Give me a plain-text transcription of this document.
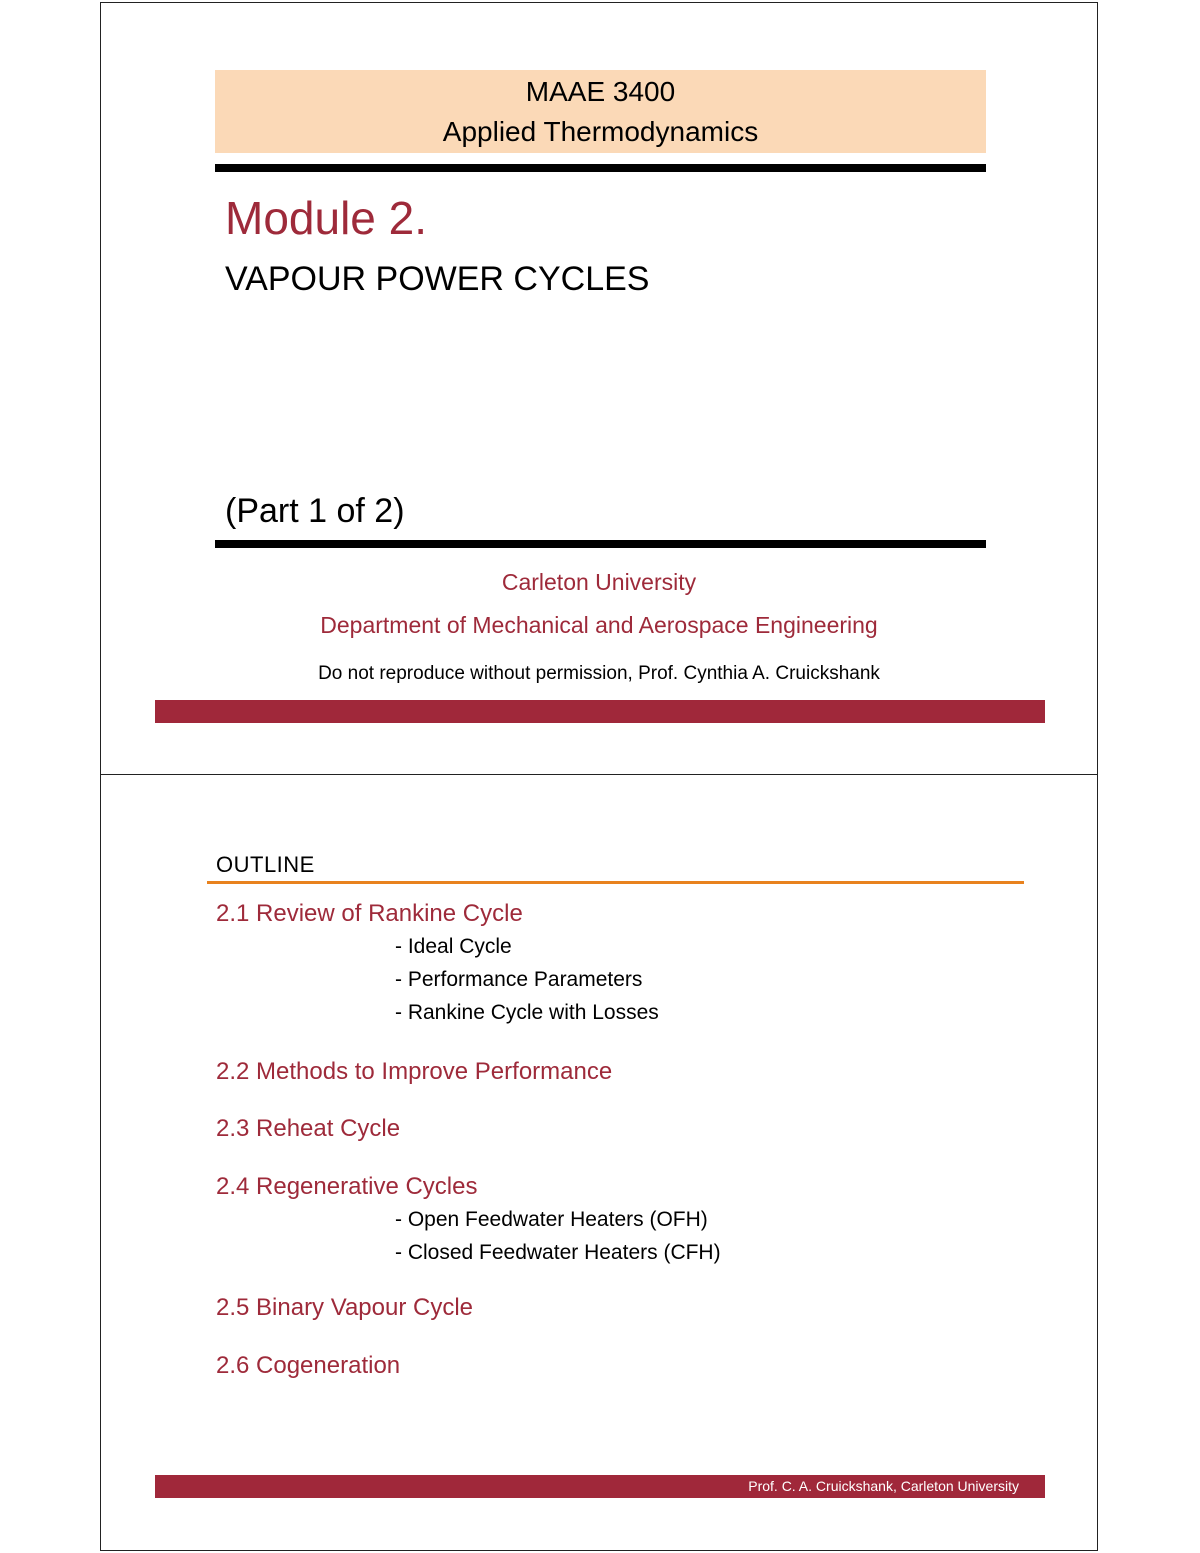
MAAE 3400
Applied Thermodynamics
Module 2.
VAPOUR POWER CYCLES
(Part 1 of 2)
Carleton University
Department of Mechanical and Aerospace Engineering
Do not reproduce without permission, Prof. Cynthia A. Cruickshank
OUTLINE
2.1 Review of Rankine Cycle
- Ideal Cycle
- Performance Parameters
- Rankine Cycle with Losses
2.2 Methods to Improve Performance
2.3 Reheat Cycle
2.4 Regenerative Cycles
- Open Feedwater Heaters (OFH)
- Closed Feedwater Heaters (CFH)
2.5 Binary Vapour Cycle
2.6 Cogeneration
Prof. C. A. Cruickshank, Carleton University
